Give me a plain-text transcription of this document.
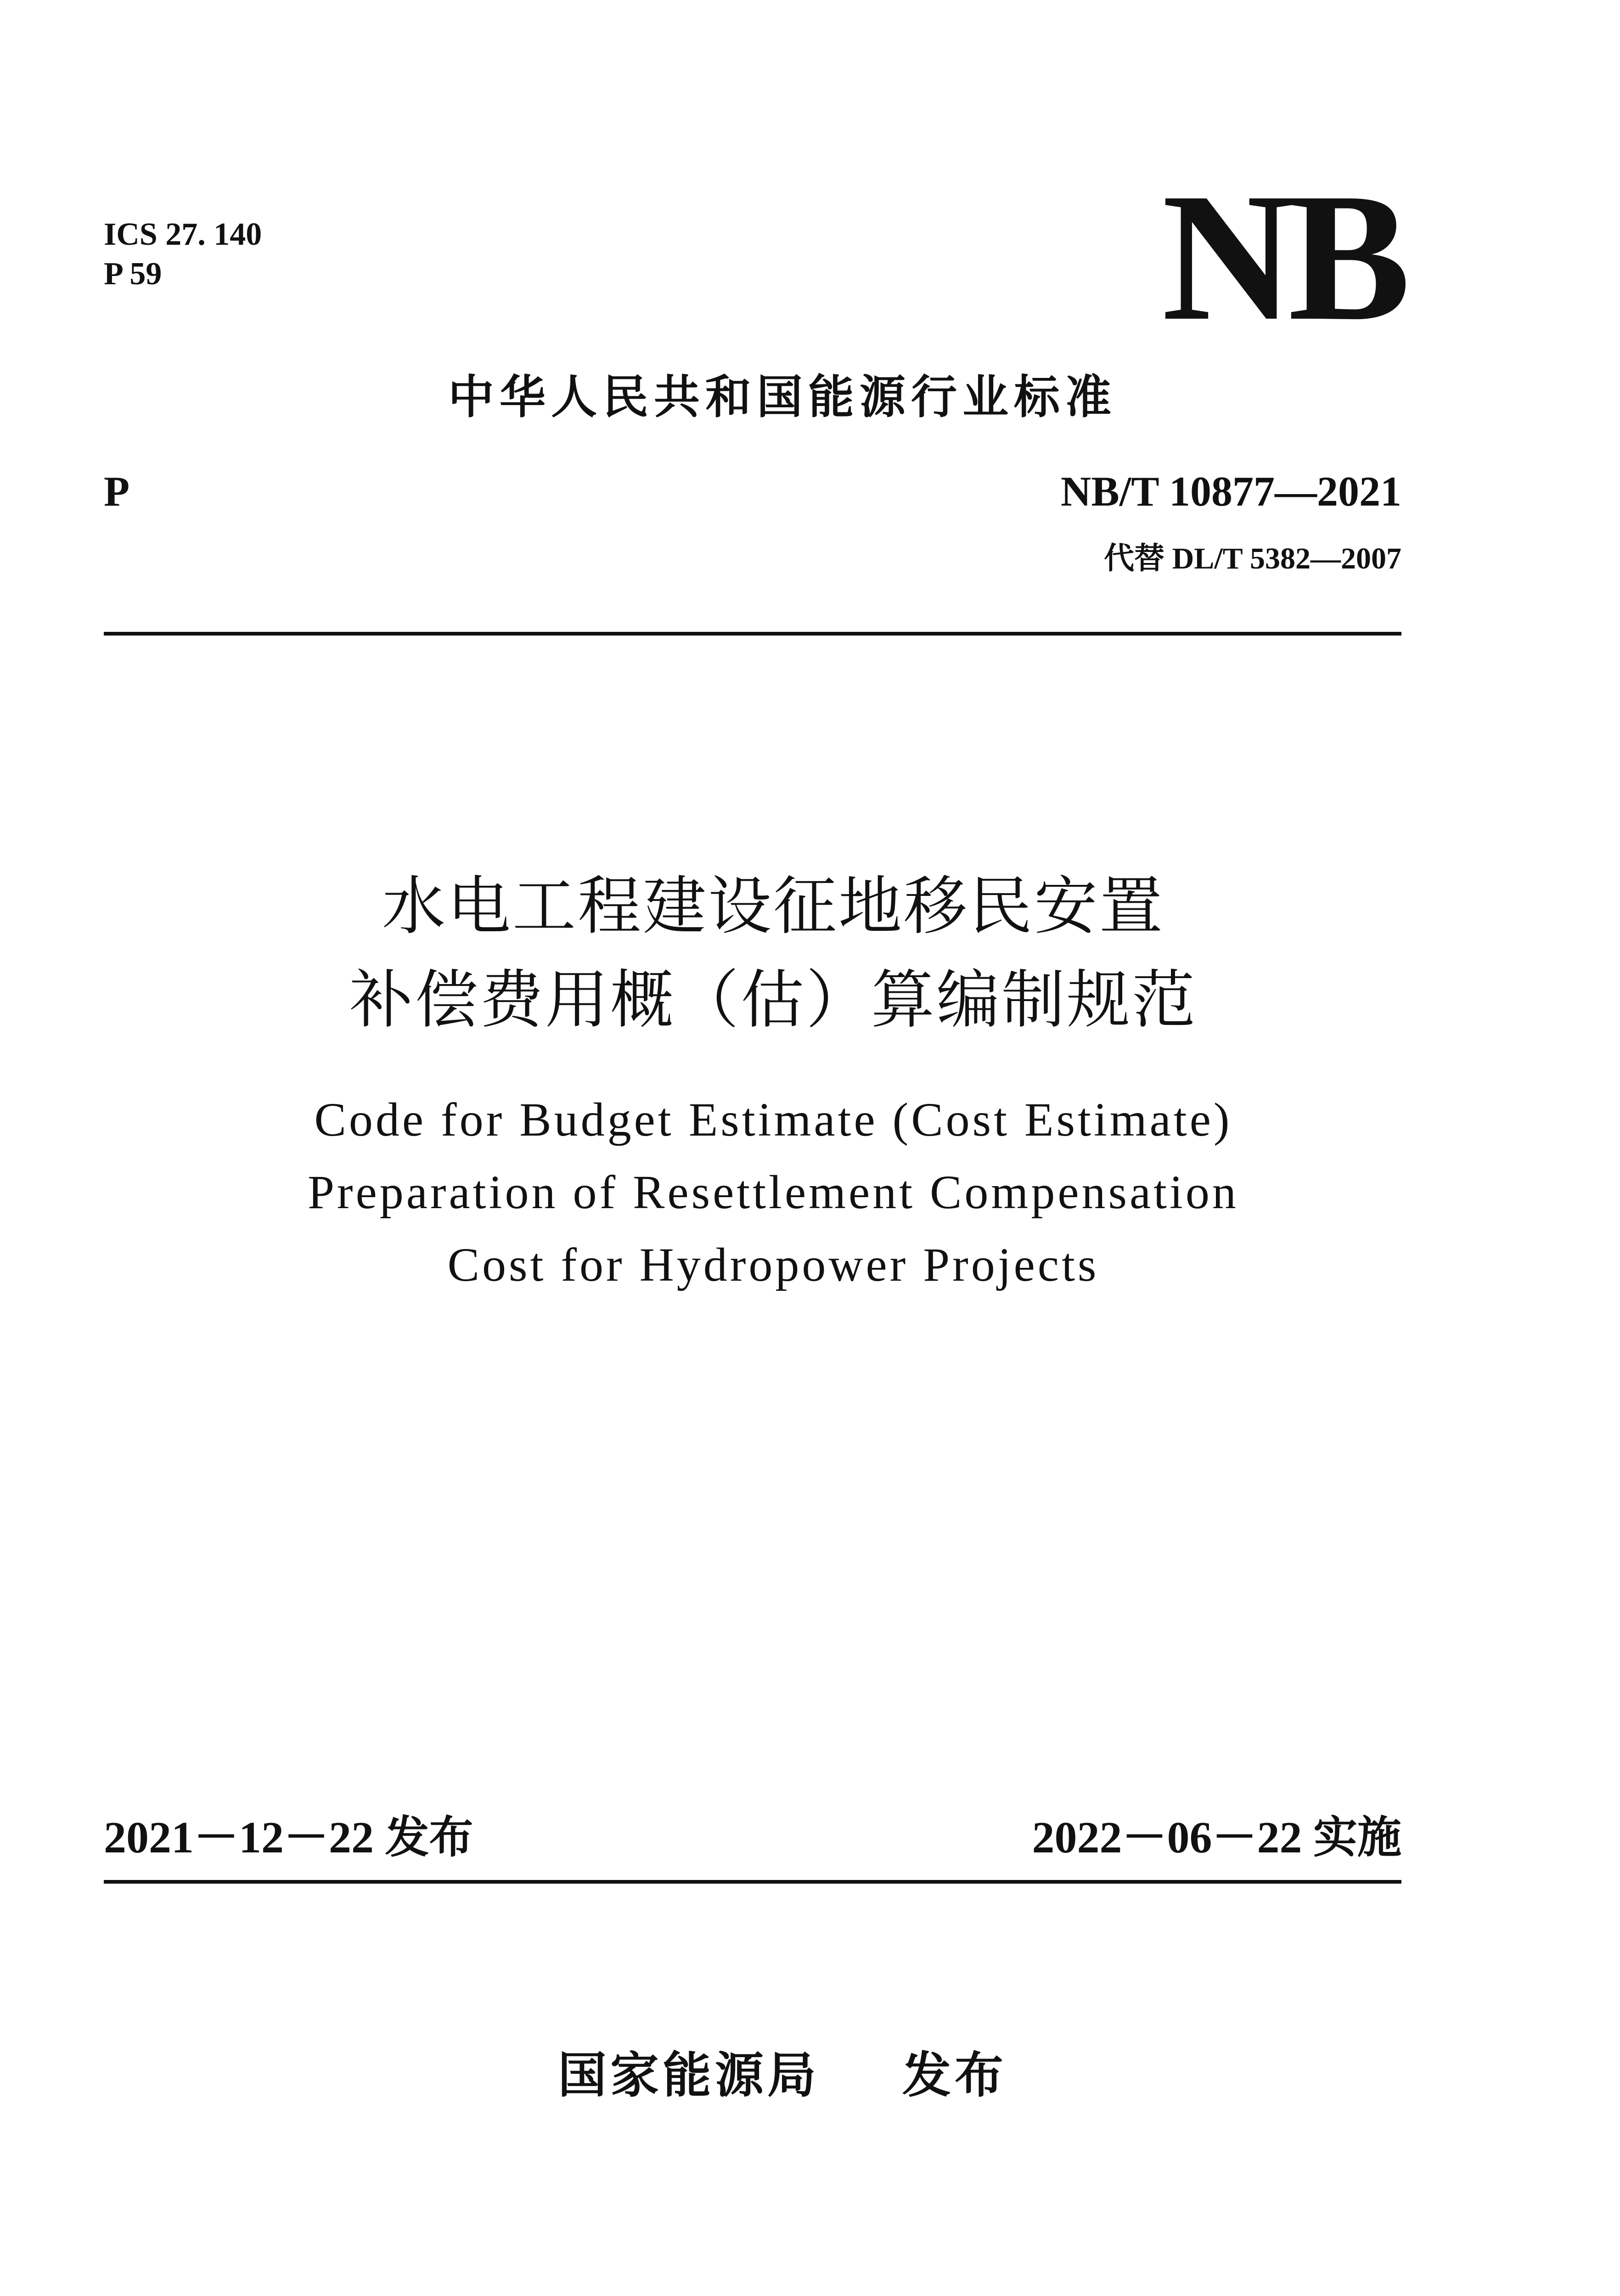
ICS 27. 140
P 59	NB
中华人民共和国能源行业标准
P	NB/T 10877—2021
代替 DL/T 5382—2007
水电工程建设征地移民安置
补偿费用概（估）算编制规范
Code for Budget Estimate (Cost Estimate)
Preparation of Resettlement Compensation
Cost for Hydropower Projects
2021－12－22 发布	2022－06－22 实施
国家能源局 发布
